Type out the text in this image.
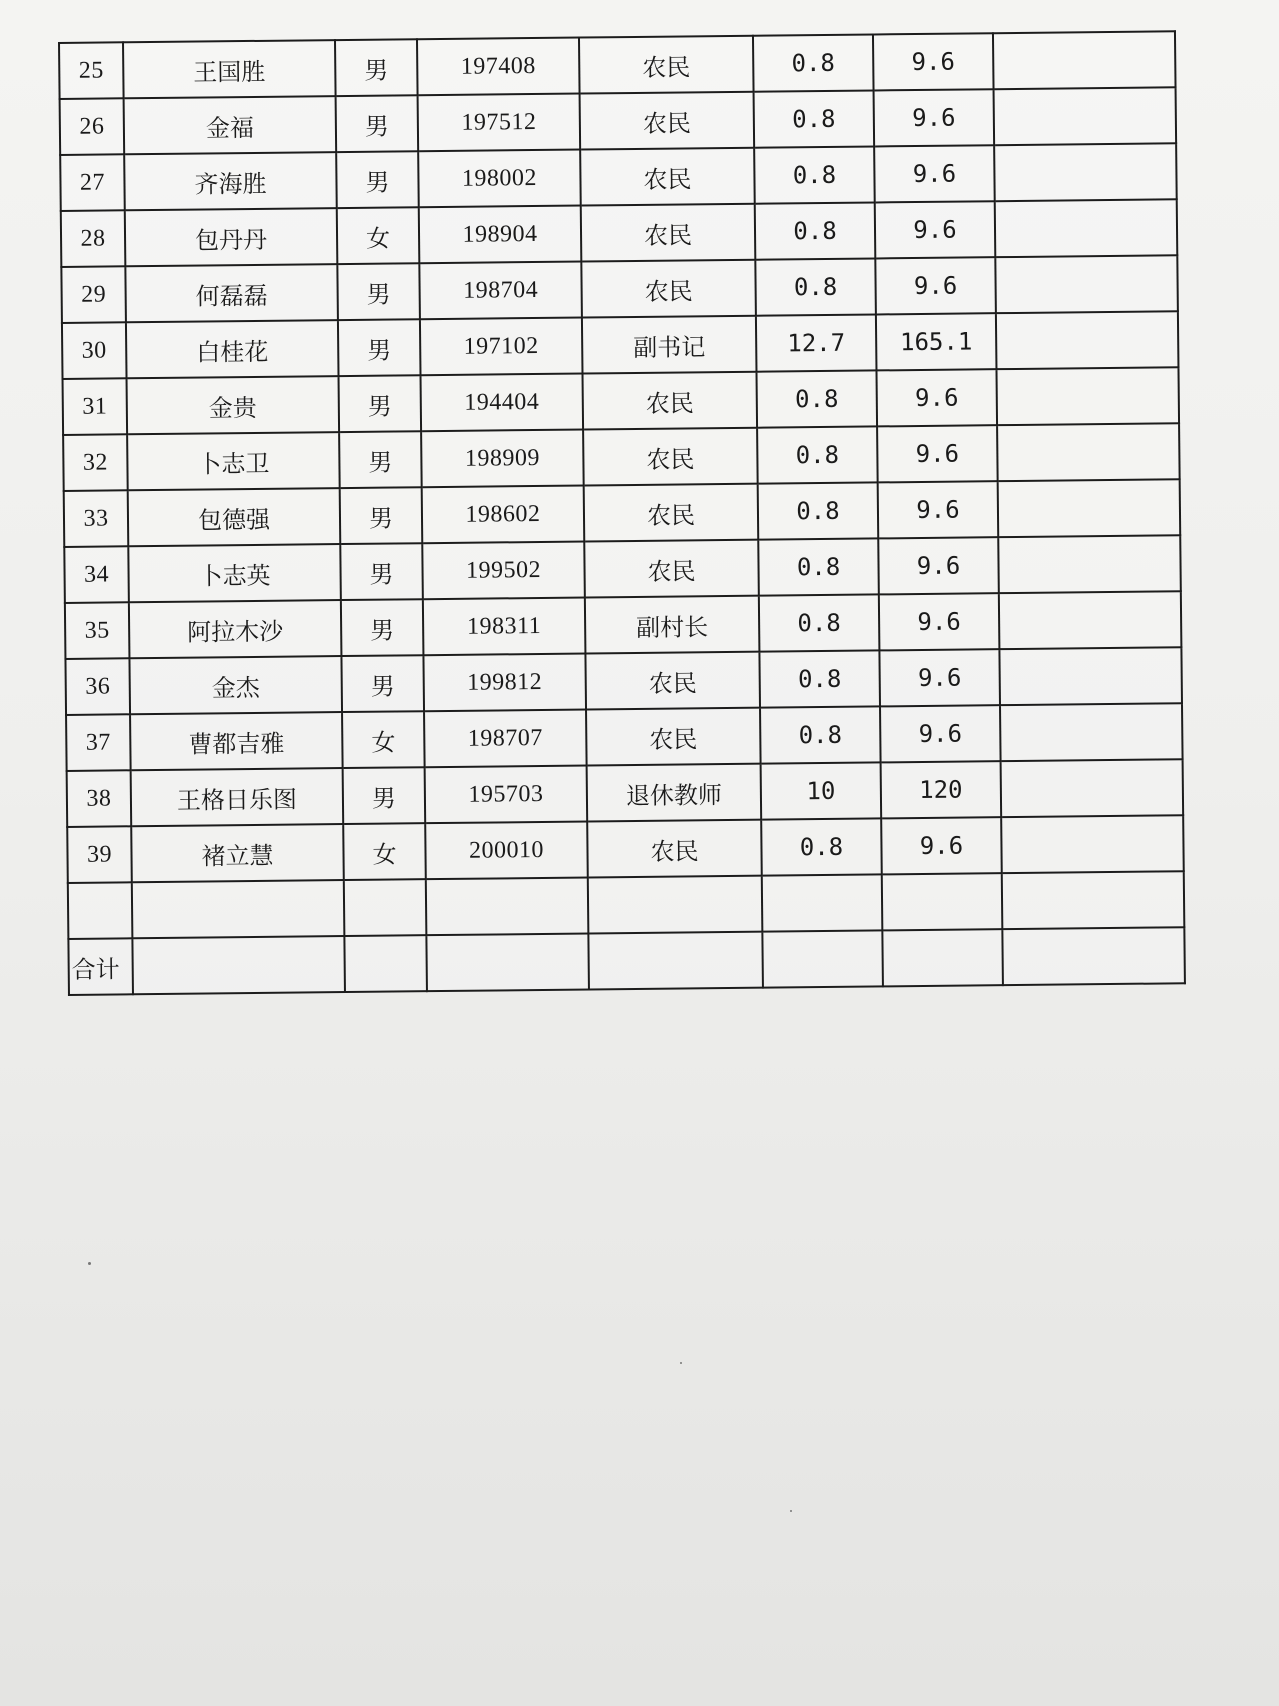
25	王国胜	男	197408	农民	0.8	9.6	
26	金福	男	197512	农民	0.8	9.6	
27	齐海胜	男	198002	农民	0.8	9.6	
28	包丹丹	女	198904	农民	0.8	9.6	
29	何磊磊	男	198704	农民	0.8	9.6	
30	白桂花	男	197102	副书记	12.7	165.1	
31	金贵	男	194404	农民	0.8	9.6	
32	卜志卫	男	198909	农民	0.8	9.6	
33	包德强	男	198602	农民	0.8	9.6	
34	卜志英	男	199502	农民	0.8	9.6	
35	阿拉木沙	男	198311	副村长	0.8	9.6	
36	金杰	男	199812	农民	0.8	9.6	
37	曹都吉雅	女	198707	农民	0.8	9.6	
38	王格日乐图	男	195703	退休教师	10	120	
39	褚立慧	女	200010	农民	0.8	9.6	

合计							
